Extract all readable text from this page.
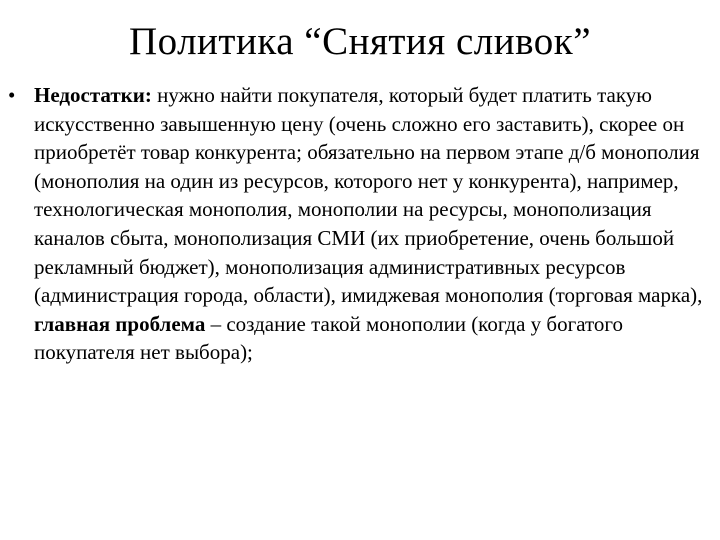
Политика “Снятия сливок”
• Недостатки: нужно найти покупателя, который будет платить такую искусственно завышенную цену (очень сложно его заставить), скорее он приобретёт товар конкурента; обязательно на первом этапе д/б монополия (монополия на один из ресурсов, которого нет у конкурента), например, технологическая монополия, монополии на ресурсы, монополизация каналов сбыта, монополизация СМИ (их приобретение, очень большой рекламный бюджет), монополизация административных ресурсов (администрация города, области), имиджевая монополия (торговая марка), главная проблема – создание такой монополии (когда у богатого покупателя нет выбора);
